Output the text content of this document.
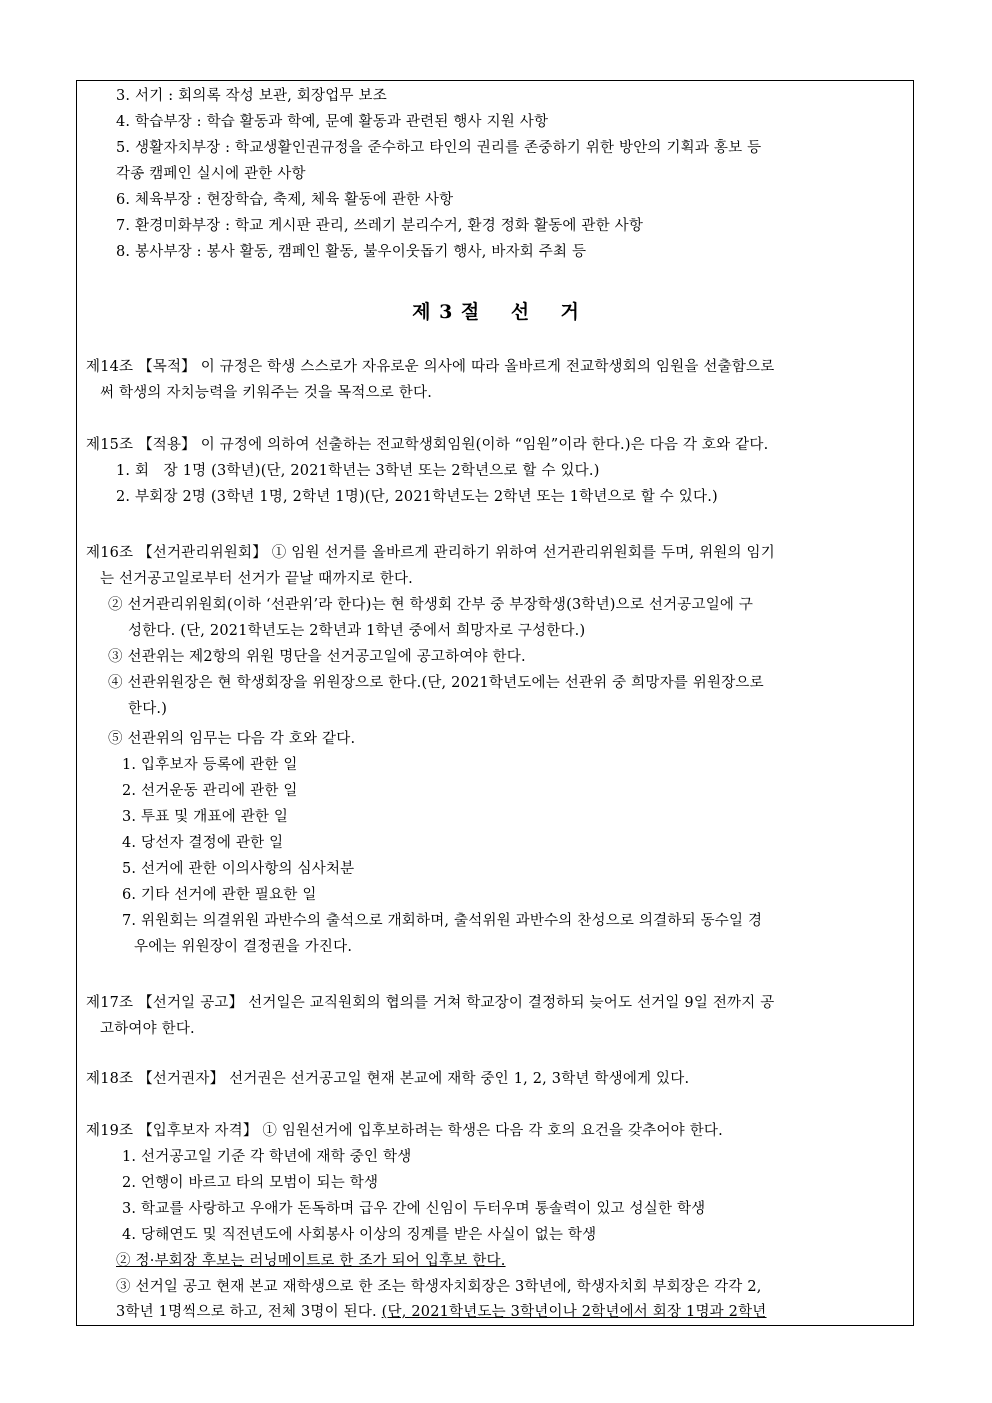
3. 서기 : 회의록 작성 보관, 회장업무 보조
4. 학습부장 : 학습 활동과 학예, 문예 활동과 관련된 행사 지원 사항
5. 생활자치부장 : 학교생활인권규정을 준수하고 타인의 권리를 존중하기 위한 방안의 기획과 홍보 등
각종 캠페인 실시에 관한 사항
6. 체육부장 : 현장학습, 축제, 체육 활동에 관한 사항
7. 환경미화부장 : 학교 게시판 관리, 쓰레기 분리수거, 환경 정화 활동에 관한 사항
8. 봉사부장 : 봉사 활동, 캠페인 활동, 불우이웃돕기 행사, 바자회 주최 등
제 3 절    선    거
제14조 【목적】 이 규정은 학생 스스로가 자유로운 의사에 따라 올바르게 전교학생회의 임원을 선출함으로
써 학생의 자치능력을 키워주는 것을 목적으로 한다.
제15조 【적용】 이 규정에 의하여 선출하는 전교학생회임원(이하 “임원”이라 한다.)은 다음 각 호와 같다.
1. 회   장 1명 (3학년)(단, 2021학년는 3학년 또는 2학년으로 할 수 있다.)
2. 부회장 2명 (3학년 1명, 2학년 1명)(단, 2021학년도는 2학년 또는 1학년으로 할 수 있다.)
제16조 【선거관리위원회】 ① 임원 선거를 올바르게 관리하기 위하여 선거관리위원회를 두며, 위원의 임기
는 선거공고일로부터 선거가 끝날 때까지로 한다.
② 선거관리위원회(이하 ‘선관위’라 한다)는 현 학생회 간부 중 부장학생(3학년)으로 선거공고일에 구
성한다. (단, 2021학년도는 2학년과 1학년 중에서 희망자로 구성한다.)
③ 선관위는 제2항의 위원 명단을 선거공고일에 공고하여야 한다.
④ 선관위원장은 현 학생회장을 위원장으로 한다.(단, 2021학년도에는 선관위 중 희망자를 위원장으로
한다.)
⑤ 선관위의 임무는 다음 각 호와 같다.
1. 입후보자 등록에 관한 일
2. 선거운동 관리에 관한 일
3. 투표 및 개표에 관한 일
4. 당선자 결정에 관한 일
5. 선거에 관한 이의사항의 심사처분
6. 기타 선거에 관한 필요한 일
7. 위원회는 의결위원 과반수의 출석으로 개회하며, 출석위원 과반수의 찬성으로 의결하되 동수일 경
우에는 위원장이 결정권을 가진다.
제17조 【선거일 공고】 선거일은 교직원회의 협의를 거쳐 학교장이 결정하되 늦어도 선거일 9일 전까지 공
고하여야 한다.
제18조 【선거권자】 선거권은 선거공고일 현재 본교에 재학 중인 1, 2, 3학년 학생에게 있다.
제19조 【입후보자 자격】 ① 임원선거에 입후보하려는 학생은 다음 각 호의 요건을 갖추어야 한다.
1. 선거공고일 기준 각 학년에 재학 중인 학생
2. 언행이 바르고 타의 모범이 되는 학생
3. 학교를 사랑하고 우애가 돈독하며 급우 간에 신임이 두터우며 통솔력이 있고 성실한 학생
4. 당해연도 및 직전년도에 사회봉사 이상의 징계를 받은 사실이 없는 학생
② 정·부회장 후보는 러닝메이트로 한 조가 되어 입후보 한다.
③ 선거일 공고 현재 본교 재학생으로 한 조는 학생자치회장은 3학년에, 학생자치회 부회장은 각각 2,
3학년 1명씩으로 하고, 전체 3명이 된다. (단, 2021학년도는 3학년이나 2학년에서 회장 1명과 2학년
